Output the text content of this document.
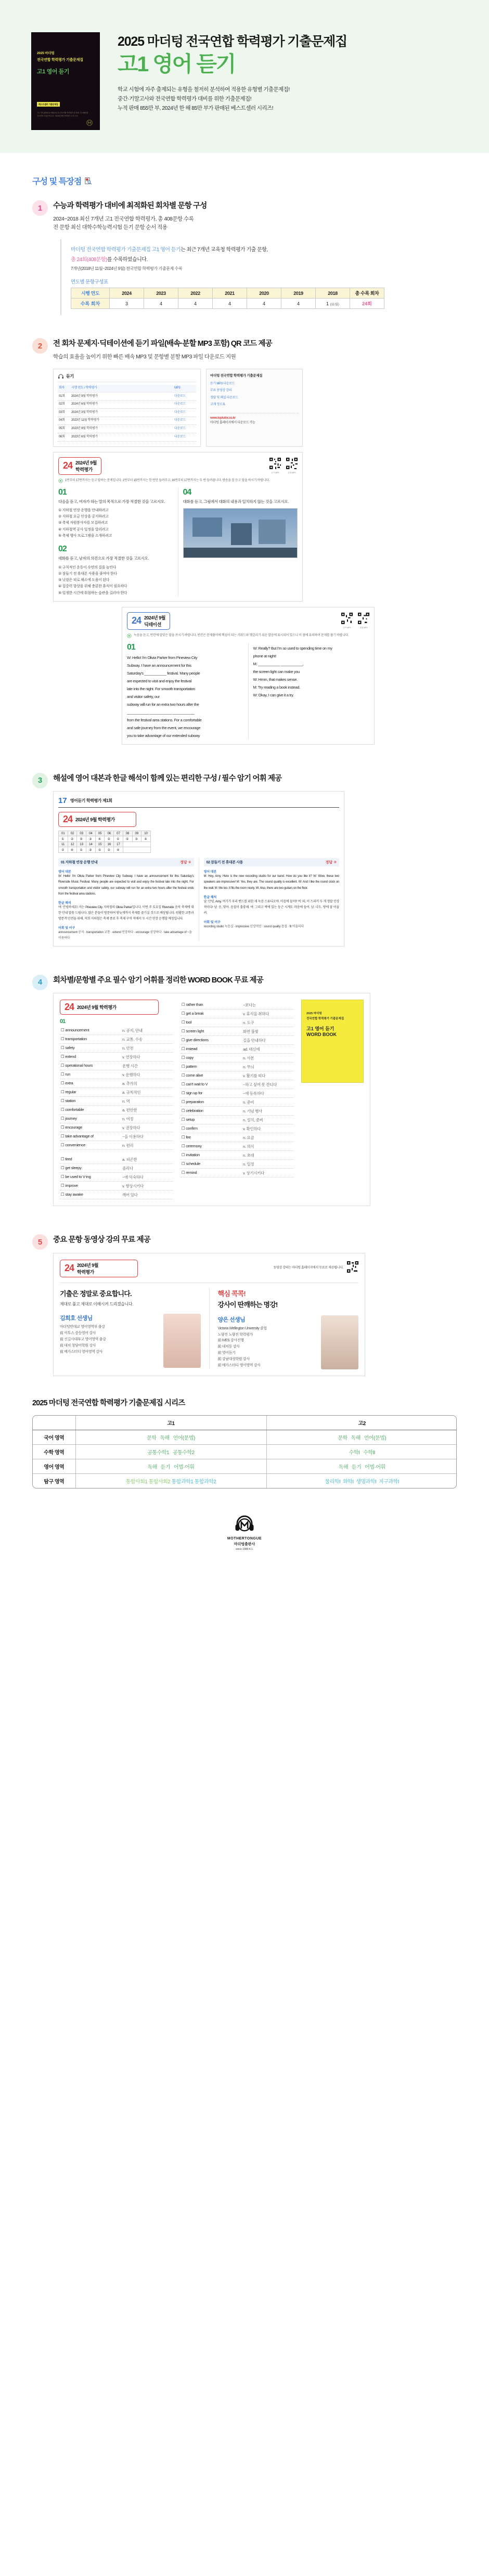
2025 마더텅
전국연합 학력평가 기출문제집
고1 영어 듣기
베스트셀러 기출문제집
고1 기말 (2015.11~2024.9) 고1 전국연합 학력평가 총 24회, 총 408문항
전국연합 기출문제 수록 · 2024년 9월 학력평가 수록 수록
2025 마더텅 전국연합 학력평가 기출문제집
고1 영어 듣기
학교 시험에 자주 출제되는 유형을 철저히 분석하여 적용한 유형별 기출문제집!
중간·기말고사와 전국연합 학력평가 대비를 위한 기출문제집!
누적 판매 855만 부, 2024년 한 해 85만 부가 판매된 베스트셀러 시리즈!
구성 및 특장점
1	수능과 학력평가 대비에 최적화된 회차별 문항 구성
2024~2018 최신 7개년 고1 전국연합 학력평가, 총 408문항 수록
전 문항 최신 대학수학능력시험 듣기 문항 순서 적용
마더텅 전국연합 학력평가 기출문제집 고1 영어 듣기는 최근 7개년 교육청 학력평가 기출 문항,
총 24회(408문항)를 수록하였습니다.
7개년(2018년 11월~2024년 9월) 전국연합 학력평가 기출문제 수록
연도별 문항구성표
시행 연도	2024	2023	2022	2021	2020	2019	2018	총 수록 회차
수록 회차	3	4	4	4	4	4	1 (11월)	24회
2	전 회차 문제지·딕테이션에 듣기 파일(배속·분할 MP3 포함) QR 코드 제공
학습의 효율을 높이기 위한 빠른 배속 MP3 및 문항별 분할 MP3 파일 다운로드 지원
듣기
회차	시행 연도 / 학력평가	MP3
01회	2024년 9월 학력평가	다운로드
02회	2024년 6월 학력평가	다운로드
03회	2024년 3월 학력평가	다운로드
04회	2023년 11월 학력평가	다운로드
05회	2023년 9월 학력평가	다운로드
06회	2023년 6월 학력평가	다운로드
마더텅 전국연합 학력평가 기출문제집
듣기 MP3 다운로드
무료 동영상 강의
정답 및 해설 다운로드
교재 정오표
www.toptutor.co.kr
마더텅 홈페이지에서 다운로드 가능
24 2024년 9월
학력평가
듣기 MP3	분할 MP3
1번부터 17번까지는 듣고 답하는 문제입니다. 1번부터 15번까지는 한 번만 들려주고, 16번부터 17번까지는 두 번 들려줍니다. 방송을 잘 듣고 답을 하시기 바랍니다.
01
다음을 듣고, 여자가 하는 말의 목적으로 가장 적절한 것을 고르시오.
① 지하철 연장 운행을 안내하려고
② 지하철 요금 인상을 공지하려고
③ 축제 자원봉사자를 모집하려고
④ 지하철역 공사 일정을 알리려고
⑤ 축제 행사 프로그램을 소개하려고
02
대화를 듣고, 남자의 의견으로 가장 적절한 것을 고르시오.
① 규칙적인 운동이 수면의 질을 높인다
② 잠들기 전 휴대폰 사용을 줄여야 한다
③ 낮잠은 피로 해소에 도움이 된다
④ 집중력 향상을 위해 충분한 휴식이 필요하다
⑤ 일정한 시간에 취침하는 습관을 길러야 한다
04
대화를 듣고, 그림에서 대화의 내용과 일치하지 않는 것을 고르시오.
24 2024년 9월
딕테이션
듣기 MP3	분할 MP3
녹음을 듣고, 빈칸에 알맞은 말을 쓰시기 바랍니다. 빈칸은 문제풀이에 핵심이 되는 키워드와 헷갈리기 쉬운 발음에 표시되어 있으니 이 점에 유의하며 문제를 풀기 바랍니다.
01
W: Hello! I'm Olivia Parker from Pineview City
Subway. I have an announcement for this
Saturday's ___________ festival. Many people
are expected to visit and enjoy the festival
late into the night. For smooth transportation
and visitor safety, our
subway will run for an extra two hours after the
___________ ___________ ___________
from the festival area stations. For a comfortable
and safe journey from the event, we encourage
you to take advantage of our extended subway
W: Really? But I'm so used to spending time on my
phone at night!
M: ___________ ___________,
the screen light can make you
W: Hmm, that makes sense.
M: Try reading a book instead.
W: Okay, I can give it a try.
3	해설에 영어 대본과 한글 해석이 함께 있는 편리한 구성 / 필수 암기 어휘 제공
17 영어듣기 학력평가 제1회
24 2024년 9월 학력평가
01	02	03	04	05	06	07	08	09	10
①	②	⑤	③	④	②	①	⑤	③	④
11	12	13	14	15	16	17			
②	④	①	③	⑤	②	④			
01 지하철 연장 운행 안내	정답 ①
영어 대본
W: Hello! I'm Olivia Parker from Pineview City Subway. I have an announcement for this Saturday's Riverside Music Festival. Many people are expected to visit and enjoy the festival late into the night. For smooth transportation and visitor safety, our subway will run for an extra two hours after the festival ends from the festival area stations.
한글 해석
여: 안녕하세요! 저는 Pineview City 지하철의 Olivia Parker입니다. 이번 주 토요일 Riverside 음악 축제에 대한 안내 말씀 드립니다. 많은 분들이 방문하여 밤늦게까지 축제를 즐기실 것으로 예상됩니다. 원활한 교통과 방문객 안전을 위해, 저희 지하철은 축제 종료 후 축제 구역 역에서 두 시간 연장 운행할 예정입니다.
어휘 및 어구
announcement 공지 · transportation 교통 · extend 연장하다 · encourage 권장하다 · take advantage of ~을 이용하다
02 잠들기 전 휴대폰 사용	정답 ②
영어 대본
M: Hey, Amy. Here is the new recording studio for our band. How do you like it? W: Wow, these two speakers are impressive! M: Yes, they are. The sound quality is excellent. W: And I like the round clock on the wall. M: Me too. It fits the room nicely. W: Also, there are two guitars on the floor.
한글 해석
남: 안녕, Amy. 여기가 우리 밴드를 위한 새 녹음 스튜디오야. 마음에 들어? 여: 와, 이 스피커 두 개 정말 인상적이다! 남: 응, 맞아. 음질이 훌륭해. 여: 그리고 벽에 있는 둥근 시계도 마음에 들어. 남: 나도. 방에 잘 어울려.
어휘 및 어구
recording studio 녹음실 · impressive 인상적인 · sound quality 음질 · fit 어울리다
4	회차별/문항별 주요 필수 암기 어휘를 정리한 WORD BOOK 무료 제공
24 2024년 9월 학력평가
01
☐ announcement	n. 공지, 안내
☐ transportation	n. 교통, 수송
☐ safety	n. 안전
☐ extend	v. 연장하다
☐ operational hours	운행 시간
☐ run	v. 운행하다
☐ extra	a. 추가의
☐ regular	a. 규칙적인
☐ station	n. 역
☐ comfortable	a. 편안한
☐ journey	n. 여정
☐ encourage	v. 권장하다
☐ take advantage of	~을 이용하다
☐ convenience	n. 편리
☐ tired	a. 피곤한
☐ get sleepy	졸리다
☐ be used to V-ing	~에 익숙하다
☐ improve	v. 향상시키다
☐ stay awake	깨어 있다
☐ rather than	~보다는
☐ get a break	v. 휴식을 취하다
☐ tool	n. 도구
☐ screen light	화면 불빛
☐ give directions	길을 안내하다
☐ instead	ad. 대신에
☐ copy	n. 사본
☐ pattern	n. 무늬
☐ come alive	v. 활기를 띠다
☐ can't wait to V	~하고 싶어 못 견디다
☐ sign up for	~에 등록하다
☐ preparation	n. 준비
☐ celebration	n. 기념 행사
☐ setup	n. 설치, 준비
☐ confirm	v. 확인하다
☐ fee	n. 요금
☐ ceremony	n. 의식
☐ invitation	n. 초대
☐ schedule	n. 일정
☐ remind	v. 상기시키다
2025 마더텅
전국연합 학력평가 기출문제집
고1 영어 듣기
WORD BOOK
5	중요 문항 동영상 강의 무료 제공
24 2024년 9월
학력평가
동영상 강의는 마더텅 홈페이지에서 무료로 제공됩니다.
기출은 정말로 중요합니다.
제대로 풀고 제대로 이해시켜 드리겠습니다.
김희호 선생님
마더텅민대교 영어영역부 출강
前 이투스 중등영어 강사
前 신길사대부고 영어영역 출강
前 대치 청담어학원 강사
前 메가스터디 영어영역 강사
핵심 콕콕!
강사이 딴깨하는 명강!
양은 선생님
Victoria Wellington University 졸업
노량진 노량진 학력평가
前 IVES 강사진행
前 대치동 강사
前 영어듣기
前 강남대성학원 강사
前 메가스터디 영어영역 강사
2025 마더텅 전국연합 학력평가 기출문제집 시리즈
	고1	고2
국어 영역	문학 독해 언어(문법)	문학 독해 언어(문법)
수학 영역	공통수학1 공통수학2	수학Ⅰ 수학Ⅱ
영어 영역	독해 듣기 어법·어휘	독해 듣기 어법·어휘
탐구 영역	통합사회1 통합사회2 통합과학1 통합과학2	물리학Ⅰ 화학Ⅰ 생명과학Ⅰ 지구과학Ⅰ
MOTHERTONGUE
마더텅출판사
since 1999.4.1.
